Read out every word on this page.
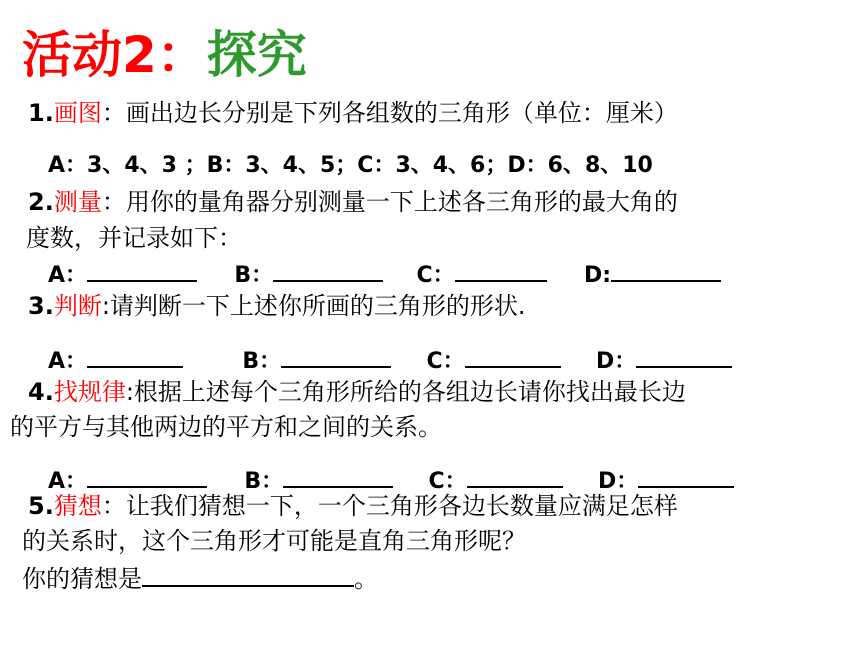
活动2：探究
1.画图：画出边长分别是下列各组数的三角形（单位：厘米）
A：3、4、3 ；B：3、4、5；C：3、4、6；D：6、8、10
2.测量：用你的量角器分别测量一下上述各三角形的最大角的
度数，并记录如下：
A：	B：	C：	D:
3.判断:请判断一下上述你所画的三角形的形状.
A：	B：	C：	D：
4.找规律:根据上述每个三角形所给的各组边长请你找出最长边
的平方与其他两边的平方和之间的关系。
A：	B：	C：	D：
5.猜想：让我们猜想一下，一个三角形各边长数量应满足怎样
的关系时，这个三角形才可能是直角三角形呢？
你的猜想是	。
